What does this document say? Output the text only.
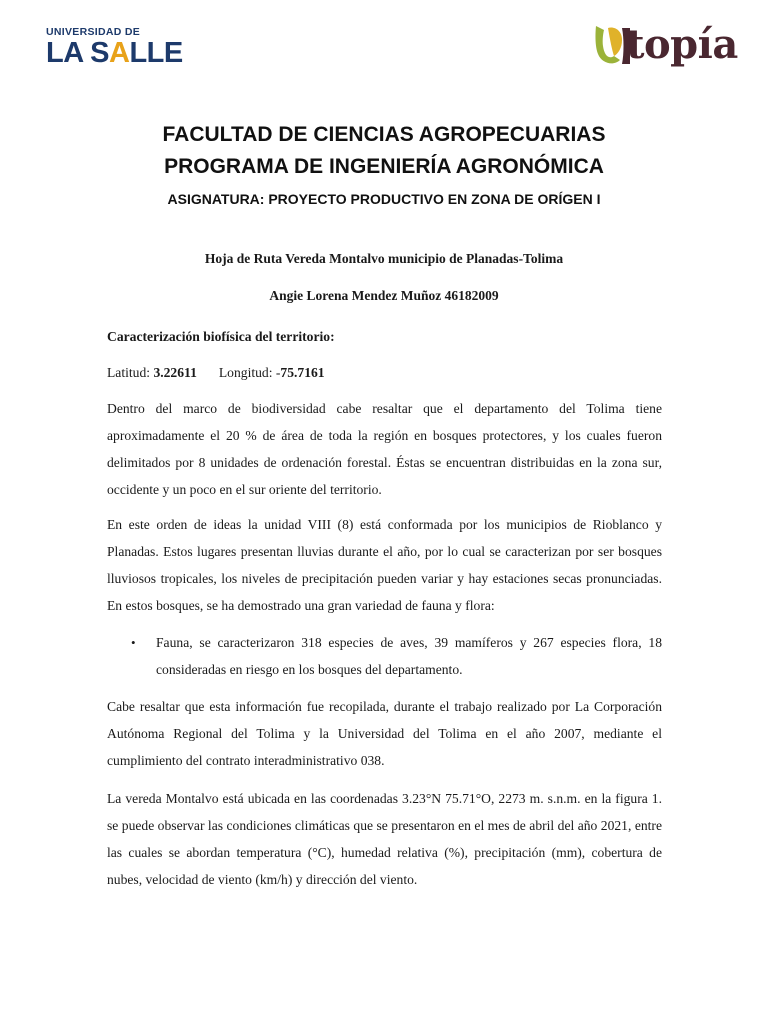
UNIVERSIDAD DE
LA SALLE	topía
FACULTAD DE CIENCIAS AGROPECUARIAS
PROGRAMA DE INGENIERÍA AGRONÓMICA
ASIGNATURA: PROYECTO PRODUCTIVO EN ZONA DE ORÍGEN I
Hoja de Ruta Vereda Montalvo municipio de Planadas-Tolima
Angie Lorena Mendez Muñoz 46182009
Caracterización biofísica del territorio:
Latitud: 3.22611 Longitud: -75.7161
Dentro del marco de biodiversidad cabe resaltar que el departamento del Tolima tiene aproximadamente el 20 % de área de toda la región en bosques protectores, y los cuales fueron delimitados por 8 unidades de ordenación forestal. Éstas se encuentran distribuidas en la zona sur, occidente y un poco en el sur oriente del territorio.
En este orden de ideas la unidad VIII (8) está conformada por los municipios de Rioblanco y Planadas. Estos lugares presentan lluvias durante el año, por lo cual se caracterizan por ser bosques lluviosos tropicales, los niveles de precipitación pueden variar y hay estaciones secas pronunciadas. En estos bosques, se ha demostrado una gran variedad de fauna y flora:
• Fauna, se caracterizaron 318 especies de aves, 39 mamíferos y 267 especies flora, 18 consideradas en riesgo en los bosques del departamento.
Cabe resaltar que esta información fue recopilada, durante el trabajo realizado por La Corporación Autónoma Regional del Tolima y la Universidad del Tolima en el año 2007, mediante el cumplimiento del contrato interadministrativo 038.
La vereda Montalvo está ubicada en las coordenadas 3.23°N 75.71°O, 2273 m. s.n.m. en la figura 1. se puede observar las condiciones climáticas que se presentaron en el mes de abril del año 2021, entre las cuales se abordan temperatura (°C), humedad relativa (%), precipitación (mm), cobertura de nubes, velocidad de viento (km/h) y dirección del viento.
